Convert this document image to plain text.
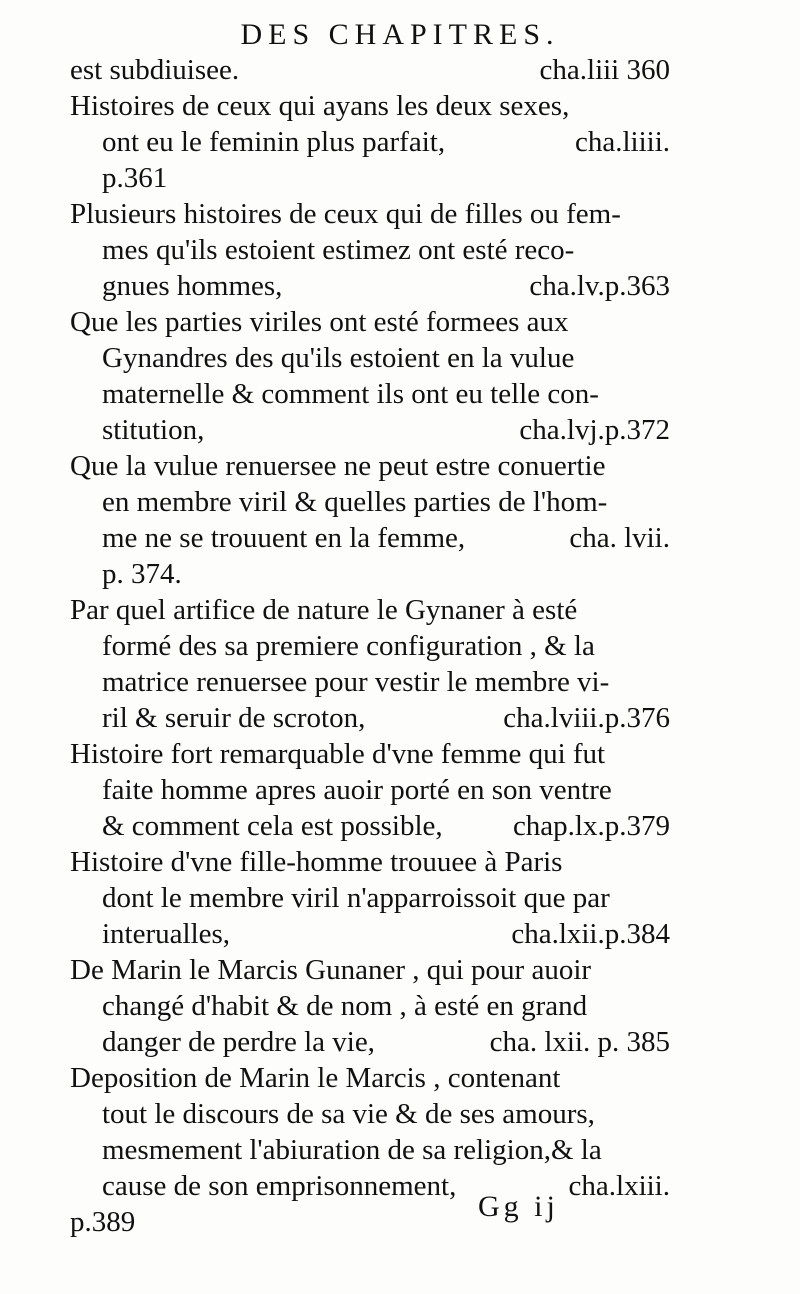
DES CHAPITRES.
est subdiuisee.	cha.liii 360
Histoires de ceux qui ayans les deux sexes,
ont eu le feminin plus parfait,	cha.liiii.
p.361
Plusieurs histoires de ceux qui de filles ou fem-
mes qu'ils estoient estimez ont esté reco-
gnues hommes,	cha.lv.p.363
Que les parties viriles ont esté formees aux
Gynandres des qu'ils estoient en la vulue
maternelle & comment ils ont eu telle con-
stitution,	cha.lvj.p.372
Que la vulue renuersee ne peut estre conuertie
en membre viril & quelles parties de l'hom-
me ne se trouuent en la femme,	cha. lvii.
p. 374.
Par quel artifice de nature le Gynaner à esté
formé des sa premiere configuration , & la
matrice renuersee pour vestir le membre vi-
ril & seruir de scroton,	cha.lviii.p.376
Histoire fort remarquable d'vne femme qui fut
faite homme apres auoir porté en son ventre
& comment cela est possible,	chap.lx.p.379
Histoire d'vne fille-homme trouuee à Paris
dont le membre viril n'apparroissoit que par
interualles,	cha.lxii.p.384
De Marin le Marcis Gunaner , qui pour auoir
changé d'habit & de nom , à esté en grand
danger de perdre la vie,	cha. lxii. p. 385
Deposition de Marin le Marcis , contenant
tout le discours de sa vie & de ses amours,
mesmement l'abiuration de sa religion,& la
cause de son emprisonnement,	cha.lxiii.
p.389	Gg ij
